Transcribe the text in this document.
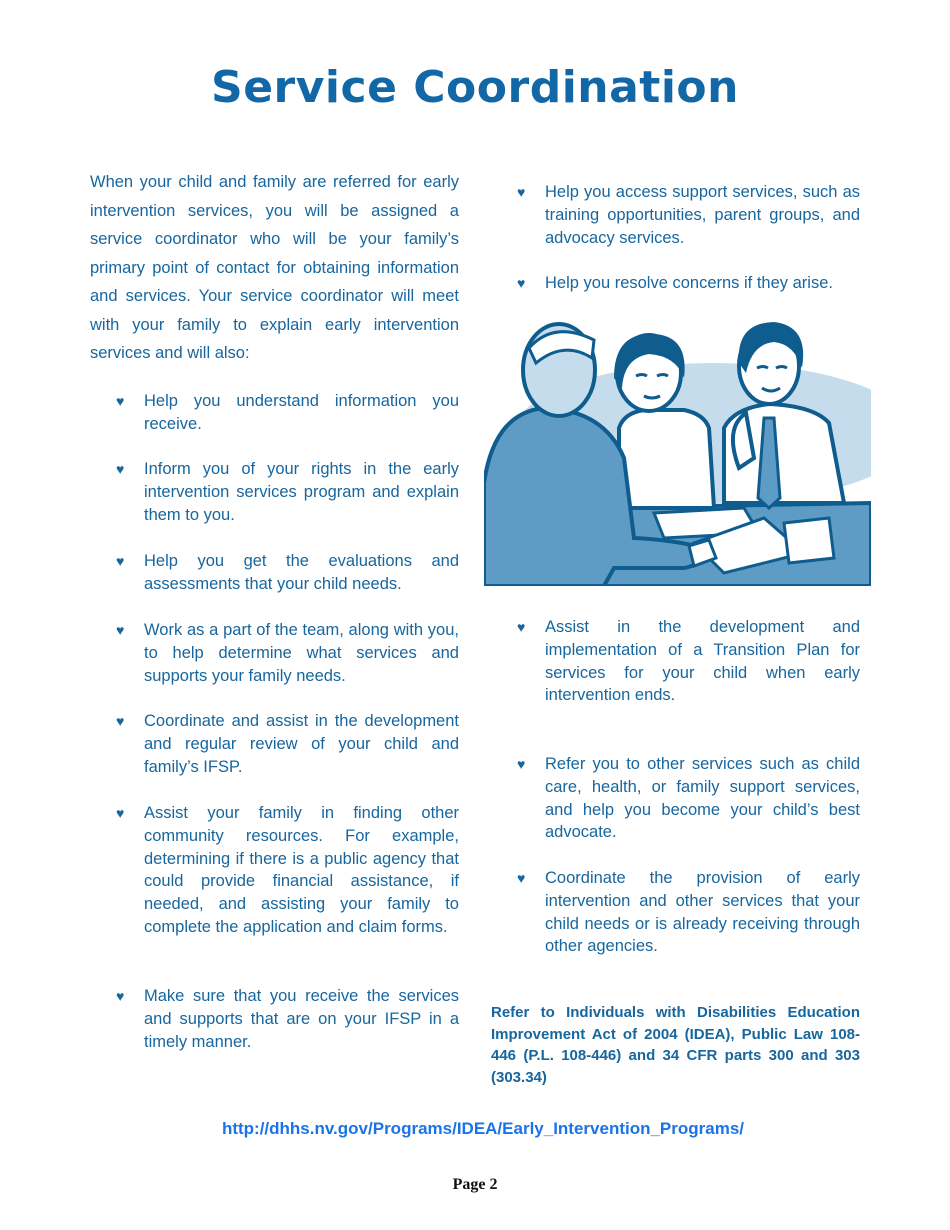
Service Coordination

When your child and family are referred for early intervention services, you will be assigned a service coordinator who will be your family’s primary point of contact for obtaining information and services. Your service coordinator will meet with your family to explain early intervention services and will also:

♥ Help you understand information you receive.

♥ Inform you of your rights in the early intervention services program and explain them to you.

♥ Help you get the evaluations and assessments that your child needs.

♥ Work as a part of the team, along with you, to help determine what services and supports your family needs.

♥ Coordinate and assist in the development and regular review of your child and family’s IFSP.

♥ Assist your family in finding other community resources. For example, determining if there is a public agency that could provide financial assistance, if needed, and assisting your family to complete the application and claim forms.

♥ Make sure that you receive the services and supports that are on your IFSP in a timely manner.

♥ Help you access support services, such as training opportunities, parent groups, and advocacy services.

♥ Help you resolve concerns if they arise.

♥ Assist in the development and implementation of a Transition Plan for services for your child when early intervention ends.

♥ Refer you to other services such as child care, health, or family support services, and help you become your child’s best advocate.

♥ Coordinate the provision of early intervention and other services that your child needs or is already receiving through other agencies.

Refer to Individuals with Disabilities Education Improvement Act of 2004 (IDEA), Public Law 108-446 (P.L. 108-446) and 34 CFR parts 300 and 303 (303.34)

http://dhhs.nv.gov/Programs/IDEA/Early_Intervention_Programs/
Page 2
